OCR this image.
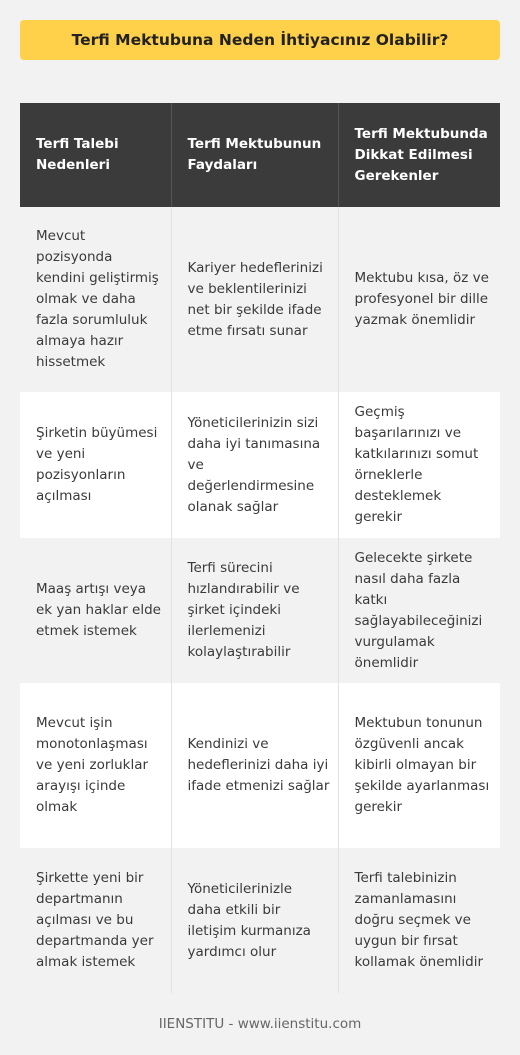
Terfi Mektubuna Neden İhtiyacınız Olabilir?
Terfi Talebi Nedenleri	Terfi Mektubunun Faydaları	Terfi Mektubunda Dikkat Edilmesi Gerekenler
Mevcut pozisyonda kendini geliştirmiş olmak ve daha fazla sorumluluk almaya hazır hissetmek	Kariyer hedeflerinizi ve beklentilerinizi net bir şekilde ifade etme fırsatı sunar	Mektubu kısa, öz ve profesyonel bir dille yazmak önemlidir
Şirketin büyümesi ve yeni pozisyonların açılması	Yöneticilerinizin sizi daha iyi tanımasına ve değerlendirmesine olanak sağlar	Geçmiş başarılarınızı ve katkılarınızı somut örneklerle desteklemek gerekir
Maaş artışı veya ek yan haklar elde etmek istemek	Terfi sürecini hızlandırabilir ve şirket içindeki ilerlemenizi kolaylaştırabilir	Gelecekte şirkete nasıl daha fazla katkı sağlayabileceğinizi vurgulamak önemlidir
Mevcut işin monotonlaşması ve yeni zorluklar arayışı içinde olmak	Kendinizi ve hedeflerinizi daha iyi ifade etmenizi sağlar	Mektubun tonunun özgüvenli ancak kibirli olmayan bir şekilde ayarlanması gerekir
Şirkette yeni bir departmanın açılması ve bu departmanda yer almak istemek	Yöneticilerinizle daha etkili bir iletişim kurmanıza yardımcı olur	Terfi talebinizin zamanlamasını doğru seçmek ve uygun bir fırsat kollamak önemlidir
IIENSTITU - www.iienstitu.com
